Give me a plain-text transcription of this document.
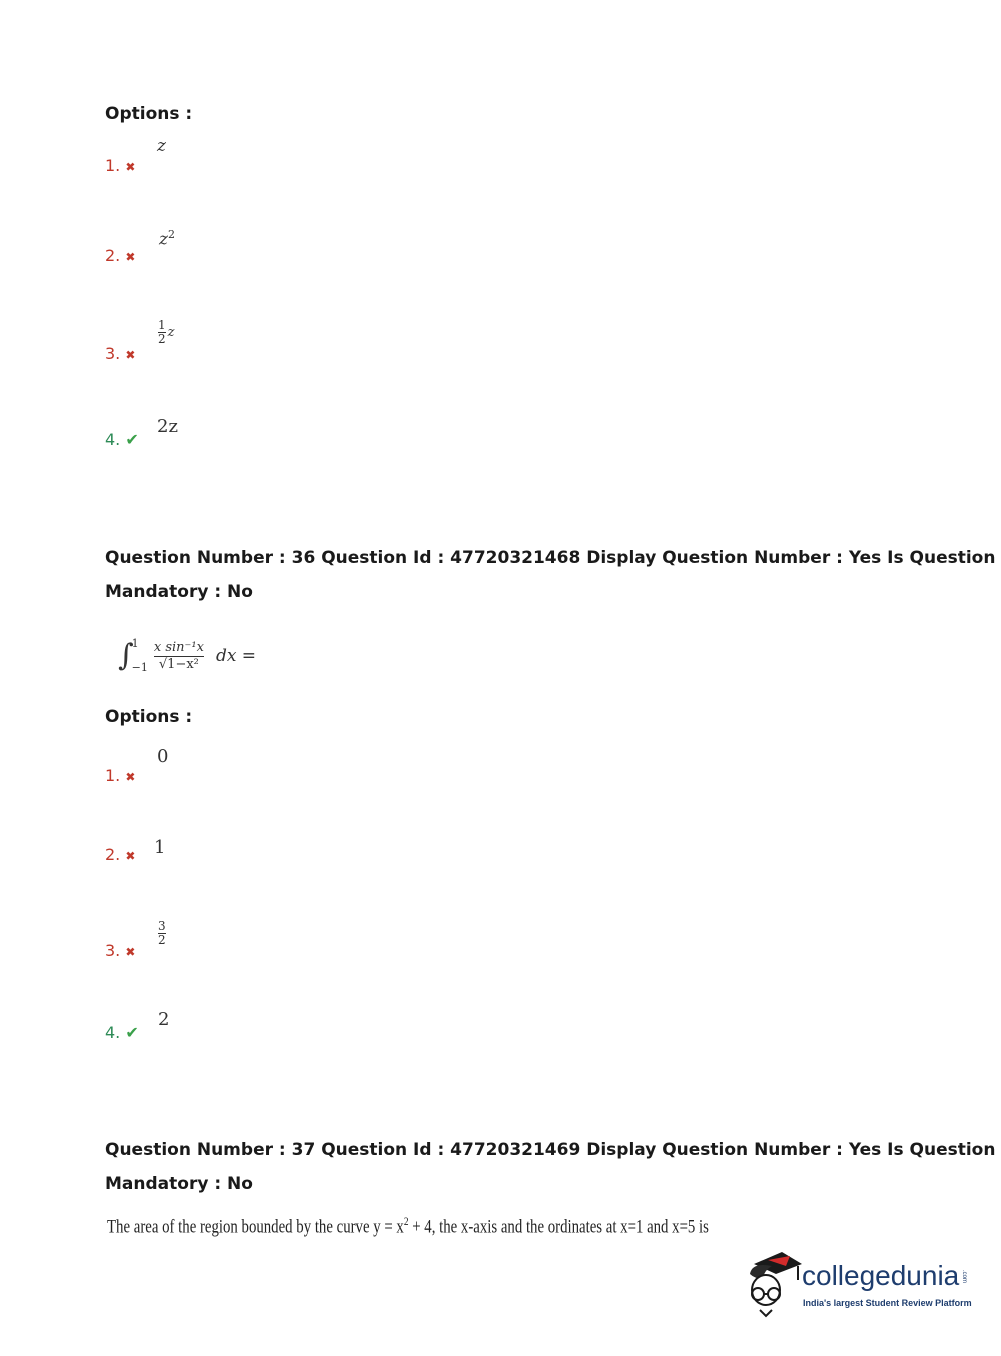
Options :
1. ✖
z
2. ✖
$z^2$
3. ✖
$\frac{1}{2}$ z
4. ✔
2z
Question Number : 36 Question Id : 47720321468 Display Question Number : Yes Is Question
Mandatory : No
∫
1
$-1 \frac{\text{x sin⁻¹x}}{\text{√1−x²}}$ dx =
Options :
1. ✖
0
2. ✖ 1
3. ✖
$\frac{3}{2}$
4. ✔
2
Question Number : 37 Question Id : 47720321469 Display Question Number : Yes Is Question
Mandatory : No
The area of the region bounded by the curve $y = x^2 + 4$, the x-axis and the ordinates at x=1 and x=5 is
collegedunia .com
India's largest Student Review Platform
